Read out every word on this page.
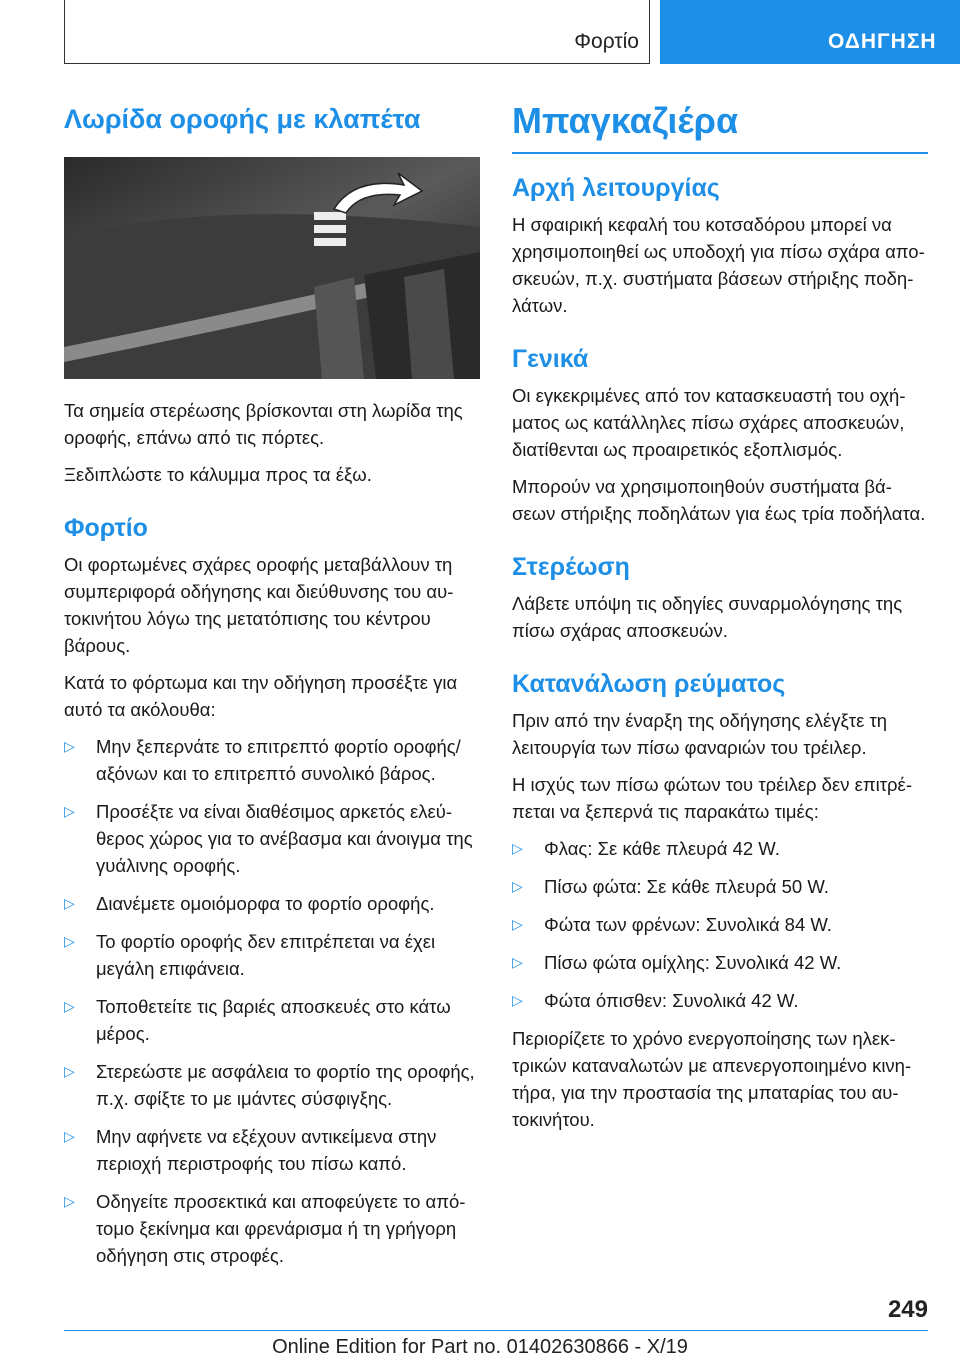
Φορτίο	ΟΔΗΓΗΣΗ
Λωρίδα οροφής με κλαπέτα

Τα σημεία στερέωσης βρίσκονται στη λωρίδα της οροφής, επάνω από τις πόρτες.

Ξεδιπλώστε το κάλυμμα προς τα έξω.

Φορτίο

Οι φορτωμένες σχάρες οροφής μεταβάλλουν τη συμπεριφορά οδήγησης και διεύθυνσης του αυτοκινήτου λόγω της μετατόπισης του κέντρου βάρους.

Κατά το φόρτωμα και την οδήγηση προσέξτε για αυτό τα ακόλουθα:

▷ Μην ξεπερνάτε το επιτρεπτό φορτίο οροφής/αξόνων και το επιτρεπτό συνολικό βάρος.
▷ Προσέξτε να είναι διαθέσιμος αρκετός ελεύθερος χώρος για το ανέβασμα και άνοιγμα της γυάλινης οροφής.
▷ Διανέμετε ομοιόμορφα το φορτίο οροφής.
▷ Το φορτίο οροφής δεν επιτρέπεται να έχει μεγάλη επιφάνεια.
▷ Τοποθετείτε τις βαριές αποσκευές στο κάτω μέρος.
▷ Στερεώστε με ασφάλεια το φορτίο της οροφής, π.χ. σφίξτε το με ιμάντες σύσφιγξης.
▷ Μην αφήνετε να εξέχουν αντικείμενα στην περιοχή περιστροφής του πίσω καπό.
▷ Οδηγείτε προσεκτικά και αποφεύγετε το απότομο ξεκίνημα και φρενάρισμα ή τη γρήγορη οδήγηση στις στροφές.
Μπαγκαζιέρα
Αρχή λειτουργίας

Η σφαιρική κεφαλή του κοτσαδόρου μπορεί να χρησιμοποιηθεί ως υποδοχή για πίσω σχάρα αποσκευών, π.χ. συστήματα βάσεων στήριξης ποδηλάτων.

Γενικά

Οι εγκεκριμένες από τον κατασκευαστή του οχήματος ως κατάλληλες πίσω σχάρες αποσκευών, διατίθενται ως προαιρετικός εξοπλισμός.

Μπορούν να χρησιμοποιηθούν συστήματα βάσεων στήριξης ποδηλάτων για έως τρία ποδήλατα.

Στερέωση

Λάβετε υπόψη τις οδηγίες συναρμολόγησης της πίσω σχάρας αποσκευών.

Κατανάλωση ρεύματος

Πριν από την έναρξη της οδήγησης ελέγξτε τη λειτουργία των πίσω φαναριών του τρέιλερ.

Η ισχύς των πίσω φώτων του τρέιλερ δεν επιτρέπεται να ξεπερνά τις παρακάτω τιμές:

▷ Φλας: Σε κάθε πλευρά 42 W.
▷ Πίσω φώτα: Σε κάθε πλευρά 50 W.
▷ Φώτα των φρένων: Συνολικά 84 W.
▷ Πίσω φώτα ομίχλης: Συνολικά 42 W.
▷ Φώτα όπισθεν: Συνολικά 42 W.

Περιορίζετε το χρόνο ενεργοποίησης των ηλεκτρικών καταναλωτών με απενεργοποιημένο κινητήρα, για την προστασία της μπαταρίας του αυτοκινήτου.

249
Online Edition for Part no. 01402630866 - X/19
